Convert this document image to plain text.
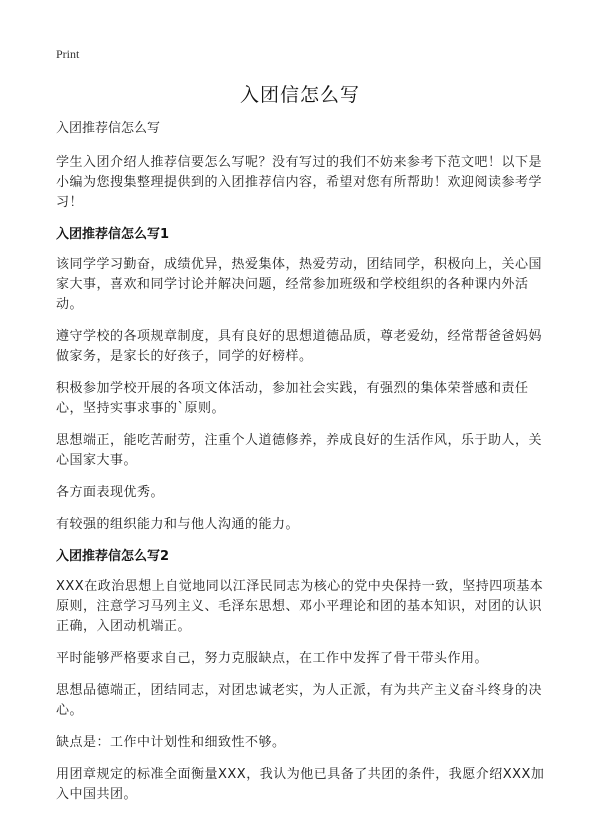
Print
入团信怎么写
入团推荐信怎么写

学生入团介绍人推荐信要怎么写呢？没有写过的我们不妨来参考下范文吧！以下是小编为您搜集整理提供到的入团推荐信内容，希望对您有所帮助！欢迎阅读参考学习！

入团推荐信怎么写1

该同学学习勤奋，成绩优异，热爱集体，热爱劳动，团结同学，积极向上，关心国家大事，喜欢和同学讨论并解决问题，经常参加班级和学校组织的各种课内外活动。

遵守学校的各项规章制度，具有良好的思想道德品质，尊老爱幼，经常帮爸爸妈妈做家务，是家长的好孩子，同学的好榜样。

积极参加学校开展的各项文体活动，参加社会实践，有强烈的集体荣誉感和责任心，坚持实事求事的`原则。

思想端正，能吃苦耐劳，注重个人道德修养，养成良好的生活作风，乐于助人，关心国家大事。

各方面表现优秀。

有较强的组织能力和与他人沟通的能力。

入团推荐信怎么写2

XXX在政治思想上自觉地同以江泽民同志为核心的党中央保持一致，坚持四项基本原则，注意学习马列主义、毛泽东思想、邓小平理论和团的基本知识，对团的认识正确，入团动机端正。

平时能够严格要求自己，努力克服缺点，在工作中发挥了骨干带头作用。

思想品德端正，团结同志，对团忠诚老实，为人正派，有为共产主义奋斗终身的决心。

缺点是：工作中计划性和细致性不够。

用团章规定的标准全面衡量XXX，我认为他已具备了共团的条件，我愿介绍XXX加入中国共团。
